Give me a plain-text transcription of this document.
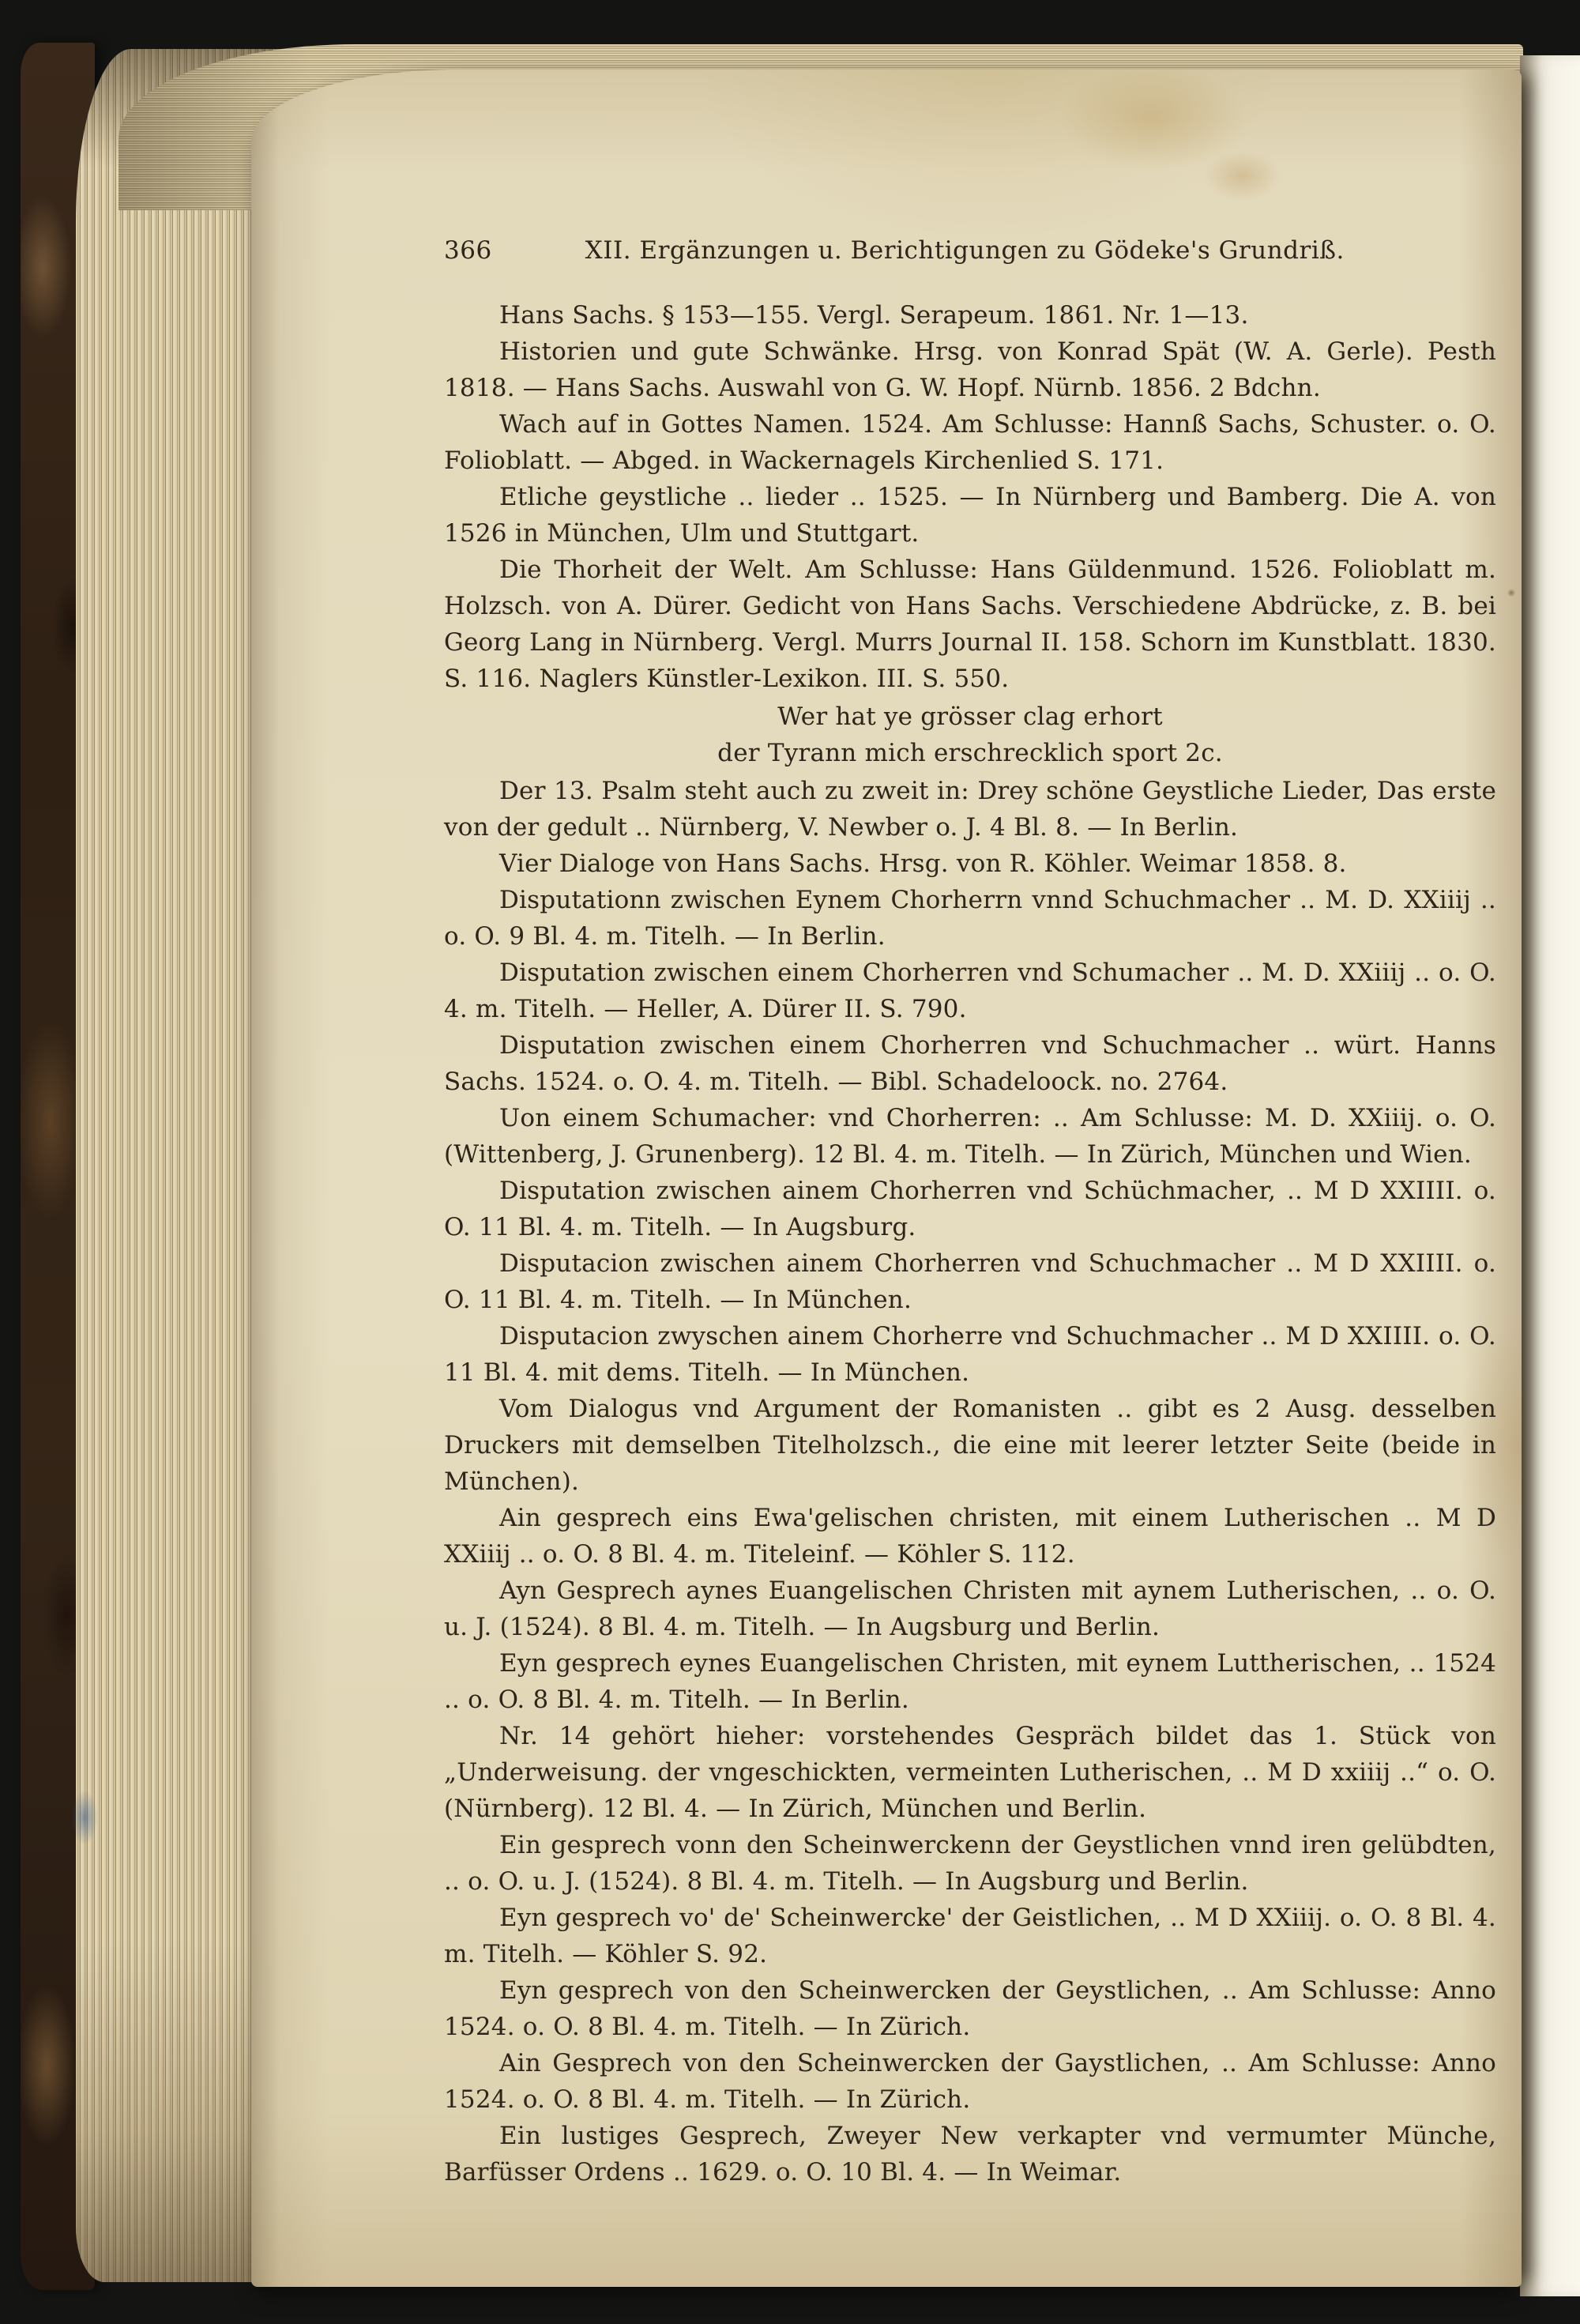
366	XII. Ergänzungen u. Berichtigungen zu Gödeke's Grundriß.

Hans Sachs. § 153—155. Vergl. Serapeum. 1861. Nr. 1—13.

Historien und gute Schwänke. Hrsg. von Konrad Spät (W. A. Gerle). Pesth 1818. — Hans Sachs. Auswahl von G. W. Hopf. Nürnb. 1856. 2 Bdchn.

Wach auf in Gottes Namen. 1524. Am Schlusse: Hannß Sachs, Schuster. o. O. Folioblatt. — Abged. in Wackernagels Kirchenlied S. 171.

Etliche geystliche .. lieder .. 1525. — In Nürnberg und Bamberg. Die A. von 1526 in München, Ulm und Stuttgart.

Die Thorheit der Welt. Am Schlusse: Hans Güldenmund. 1526. Folioblatt m. Holzsch. von A. Dürer. Gedicht von Hans Sachs. Verschiedene Abdrücke, z. B. bei Georg Lang in Nürnberg. Vergl. Murrs Journal II. 158. Schorn im Kunstblatt. 1830. S. 116. Naglers Künstler-Lexikon. III. S. 550.

Wer hat ye grösser clag erhort
der Tyrann mich erschrecklich sport 2c.

Der 13. Psalm steht auch zu zweit in: Drey schöne Geystliche Lieder, Das erste von der gedult .. Nürnberg, V. Newber o. J. 4 Bl. 8. — In Berlin.

Vier Dialoge von Hans Sachs. Hrsg. von R. Köhler. Weimar 1858. 8.

Disputationn zwischen Eynem Chorherrn vnnd Schuchmacher .. M. D. XXiiij .. o. O. 9 Bl. 4. m. Titelh. — In Berlin.

Disputation zwischen einem Chorherren vnd Schumacher .. M. D. XXiiij .. o. O. 4. m. Titelh. — Heller, A. Dürer II. S. 790.

Disputation zwischen einem Chorherren vnd Schuchmacher .. würt. Hanns Sachs. 1524. o. O. 4. m. Titelh. — Bibl. Schadeloock. no. 2764.

Uon einem Schumacher: vnd Chorherren: .. Am Schlusse: M. D. XXiiij. o. O. (Wittenberg, J. Grunenberg). 12 Bl. 4. m. Titelh. — In Zürich, München und Wien.

Disputation zwischen ainem Chorherren vnd Schüchmacher, .. M D XXIIII. o. O. 11 Bl. 4. m. Titelh. — In Augsburg.

Disputacion zwischen ainem Chorherren vnd Schuchmacher .. M D XXIIII. o. O. 11 Bl. 4. m. Titelh. — In München.

Disputacion zwyschen ainem Chorherre vnd Schuchmacher .. M D XXIIII. o. O. 11 Bl. 4. mit dems. Titelh. — In München.

Vom Dialogus vnd Argument der Romanisten .. gibt es 2 Ausg. desselben Druckers mit demselben Titelholzsch., die eine mit leerer letzter Seite (beide in München).

Ain gesprech eins Ewa'gelischen christen, mit einem Lutherischen .. M D XXiiij .. o. O. 8 Bl. 4. m. Titeleinf. — Köhler S. 112.

Ayn Gesprech aynes Euangelischen Christen mit aynem Lutherischen, .. o. O. u. J. (1524). 8 Bl. 4. m. Titelh. — In Augsburg und Berlin.

Eyn gesprech eynes Euangelischen Christen, mit eynem Luttherischen, .. 1524 .. o. O. 8 Bl. 4. m. Titelh. — In Berlin.

Nr. 14 gehört hieher: vorstehendes Gespräch bildet das 1. Stück von „Underweisung. der vngeschickten, vermeinten Lutherischen, .. M D xxiiij ..“ o. O. (Nürnberg). 12 Bl. 4. — In Zürich, München und Berlin.

Ein gesprech vonn den Scheinwerckenn der Geystlichen vnnd iren gelübdten, .. o. O. u. J. (1524). 8 Bl. 4. m. Titelh. — In Augsburg und Berlin.

Eyn gesprech vo' de' Scheinwercke' der Geistlichen, .. M D XXiiij. o. O. 8 Bl. 4. m. Titelh. — Köhler S. 92.

Eyn gesprech von den Scheinwercken der Geystlichen, .. Am Schlusse: Anno 1524. o. O. 8 Bl. 4. m. Titelh. — In Zürich.

Ain Gesprech von den Scheinwercken der Gaystlichen, .. Am Schlusse: Anno 1524. o. O. 8 Bl. 4. m. Titelh. — In Zürich.

Ein lustiges Gesprech, Zweyer New verkapter vnd vermumter Münche, Barfüsser Ordens .. 1629. o. O. 10 Bl. 4. — In Weimar.
